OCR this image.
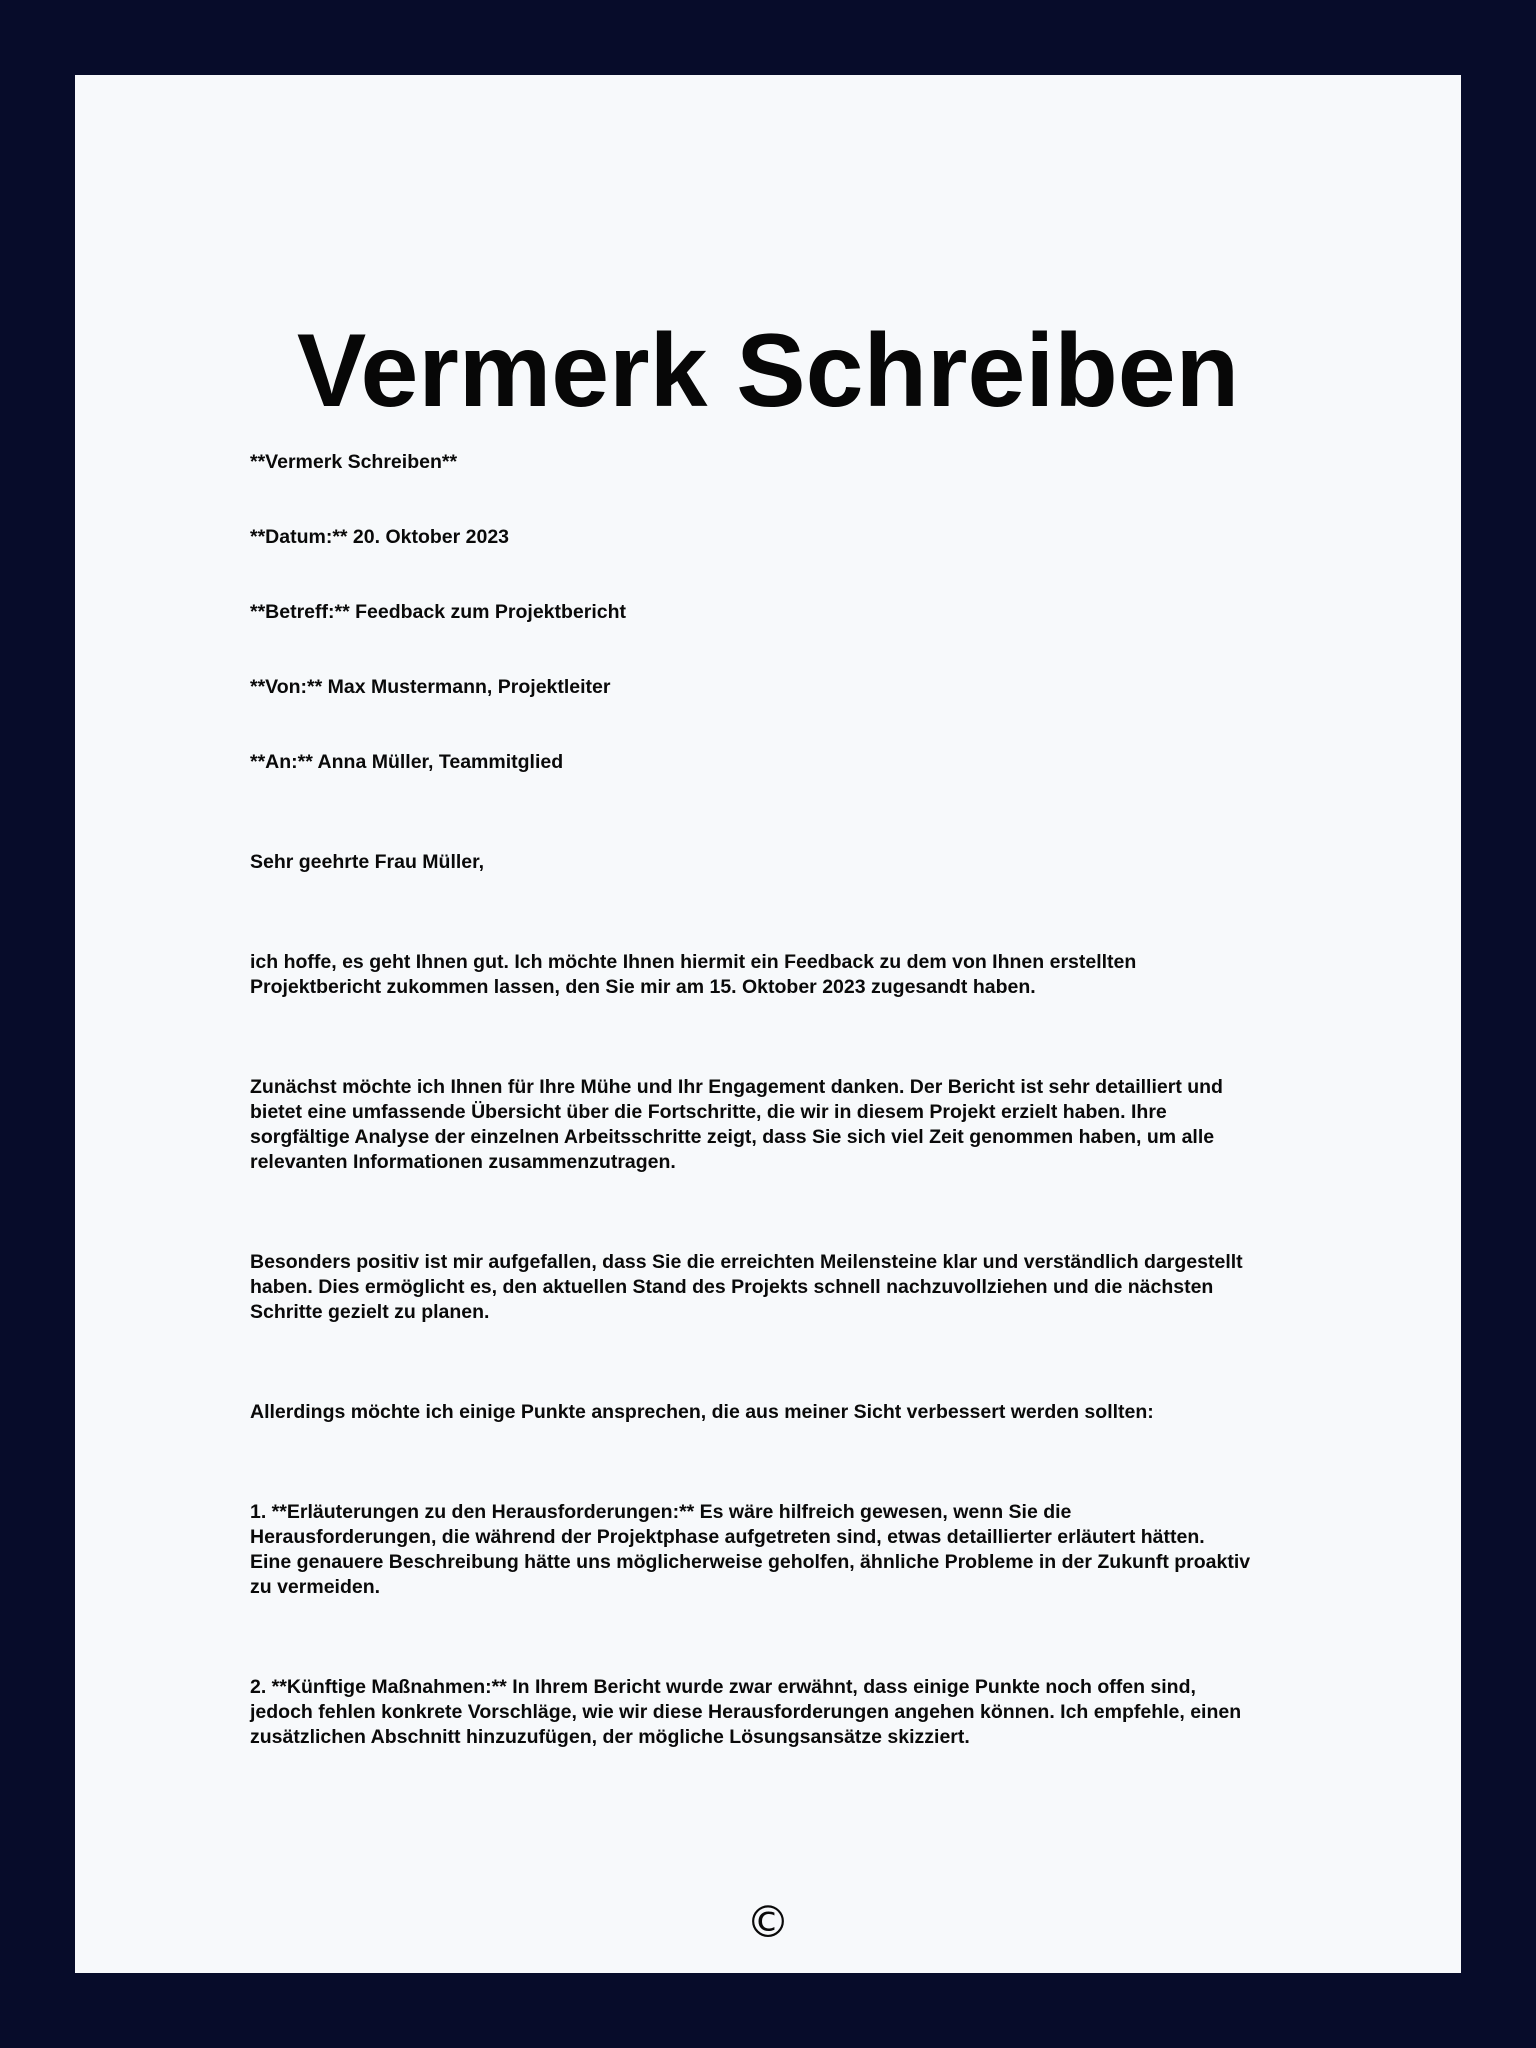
Vermerk Schreiben

**Vermerk Schreiben**

**Datum:** 20. Oktober 2023

**Betreff:** Feedback zum Projektbericht

**Von:** Max Mustermann, Projektleiter

**An:** Anna Müller, Teammitglied

Sehr geehrte Frau Müller,

ich hoffe, es geht Ihnen gut. Ich möchte Ihnen hiermit ein Feedback zu dem von Ihnen erstellten

Projektbericht zukommen lassen, den Sie mir am 15. Oktober 2023 zugesandt haben.

Zunächst möchte ich Ihnen für Ihre Mühe und Ihr Engagement danken. Der Bericht ist sehr detailliert und

bietet eine umfassende Übersicht über die Fortschritte, die wir in diesem Projekt erzielt haben. Ihre

sorgfältige Analyse der einzelnen Arbeitsschritte zeigt, dass Sie sich viel Zeit genommen haben, um alle

relevanten Informationen zusammenzutragen.

Besonders positiv ist mir aufgefallen, dass Sie die erreichten Meilensteine klar und verständlich dargestellt

haben. Dies ermöglicht es, den aktuellen Stand des Projekts schnell nachzuvollziehen und die nächsten

Schritte gezielt zu planen.

Allerdings möchte ich einige Punkte ansprechen, die aus meiner Sicht verbessert werden sollten:

1. **Erläuterungen zu den Herausforderungen:** Es wäre hilfreich gewesen, wenn Sie die

Herausforderungen, die während der Projektphase aufgetreten sind, etwas detaillierter erläutert hätten.

Eine genauere Beschreibung hätte uns möglicherweise geholfen, ähnliche Probleme in der Zukunft proaktiv

zu vermeiden.

2. **Künftige Maßnahmen:** In Ihrem Bericht wurde zwar erwähnt, dass einige Punkte noch offen sind,

jedoch fehlen konkrete Vorschläge, wie wir diese Herausforderungen angehen können. Ich empfehle, einen

zusätzlichen Abschnitt hinzuzufügen, der mögliche Lösungsansätze skizziert.

©
